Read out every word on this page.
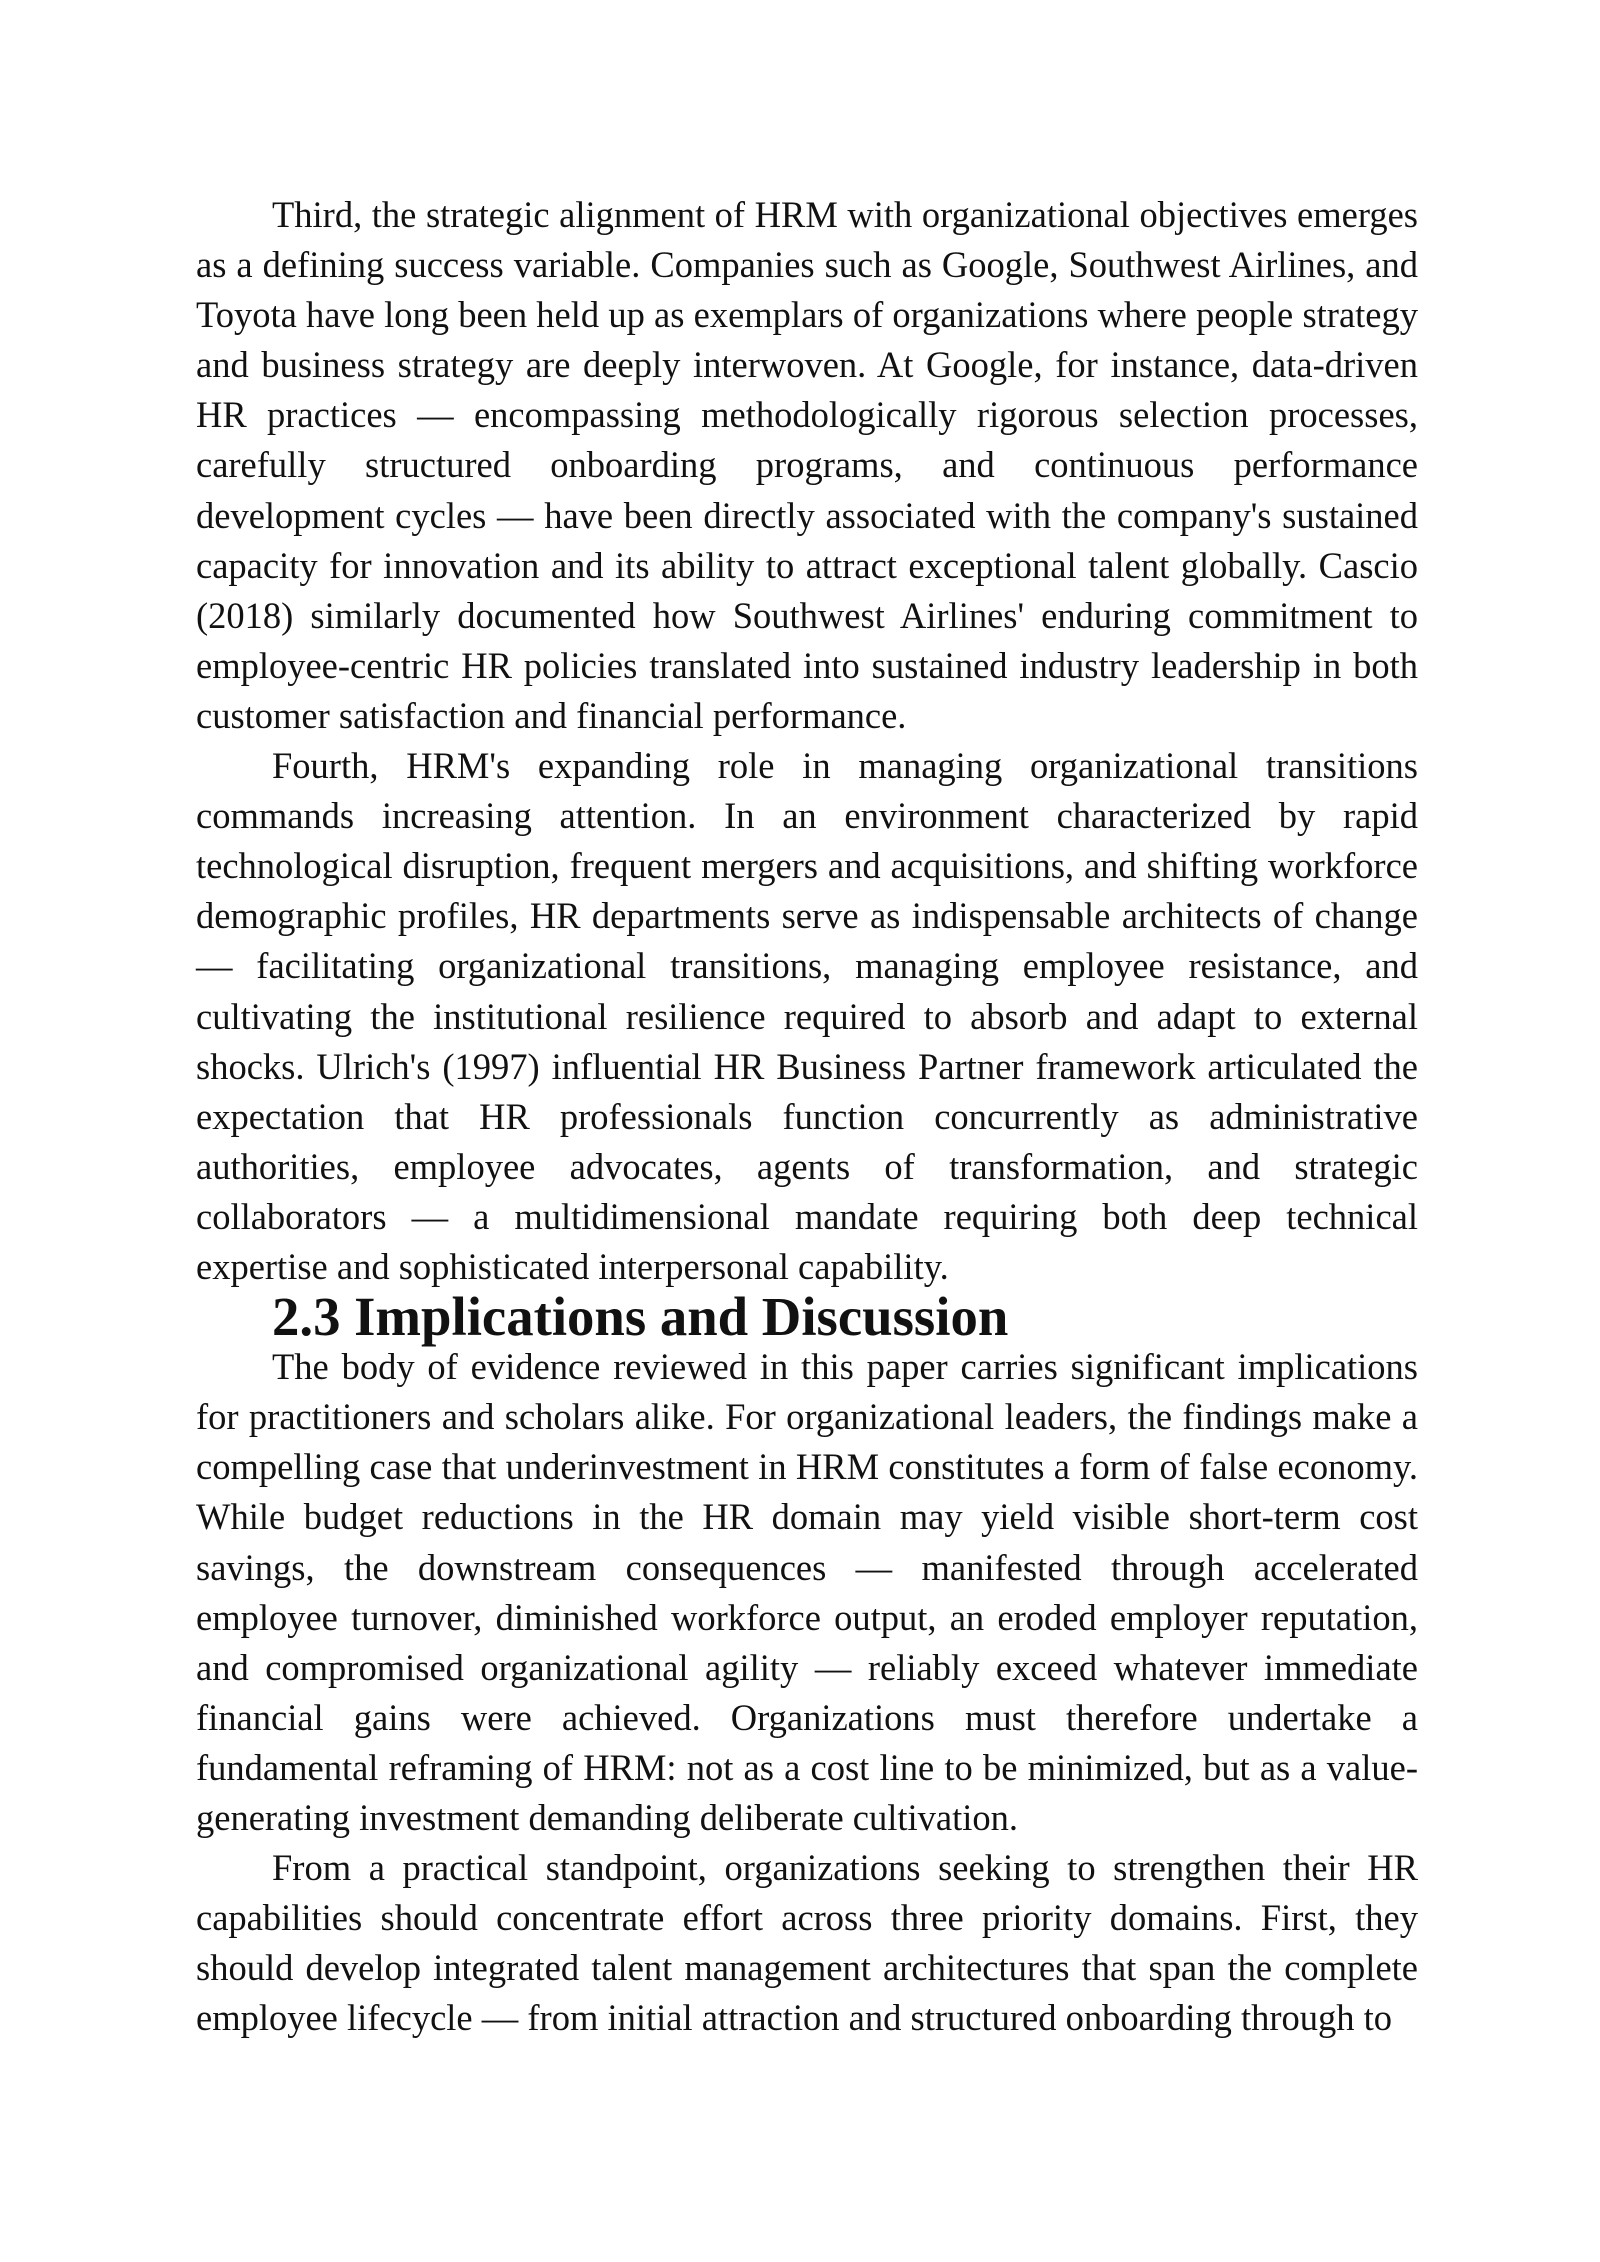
Third, the strategic alignment of HRM with organizational objectives emerges as a defining success variable. Companies such as Google, Southwest Airlines, and Toyota have long been held up as exemplars of organizations where people strategy and business strategy are deeply interwoven. At Google, for instance, data-driven HR practices — encompassing methodologically rigorous selection processes, carefully structured onboarding programs, and continuous performance development cycles — have been directly associated with the company's sustained capacity for innovation and its ability to attract exceptional talent globally. Cascio (2018) similarly documented how Southwest Airlines' enduring commitment to employee-centric HR policies translated into sustained industry leadership in both customer satisfaction and financial performance.

Fourth, HRM's expanding role in managing organizational transitions commands increasing attention. In an environment characterized by rapid technological disruption, frequent mergers and acquisitions, and shifting workforce demographic profiles, HR departments serve as indispensable architects of change — facilitating organizational transitions, managing employee resistance, and cultivating the institutional resilience required to absorb and adapt to external shocks. Ulrich's (1997) influential HR Business Partner framework articulated the expectation that HR professionals function concurrently as administrative authorities, employee advocates, agents of transformation, and strategic collaborators — a multidimensional mandate requiring both deep technical expertise and sophisticated interpersonal capability.

2.3 Implications and Discussion

The body of evidence reviewed in this paper carries significant implications for practitioners and scholars alike. For organizational leaders, the findings make a compelling case that underinvestment in HRM constitutes a form of false economy. While budget reductions in the HR domain may yield visible short-term cost savings, the downstream consequences — manifested through accelerated employee turnover, diminished workforce output, an eroded employer reputation, and compromised organizational agility — reliably exceed whatever immediate financial gains were achieved. Organizations must therefore undertake a fundamental reframing of HRM: not as a cost line to be minimized, but as a value-generating investment demanding deliberate cultivation.

From a practical standpoint, organizations seeking to strengthen their HR capabilities should concentrate effort across three priority domains. First, they should develop integrated talent management architectures that span the complete employee lifecycle — from initial attraction and structured onboarding through to
